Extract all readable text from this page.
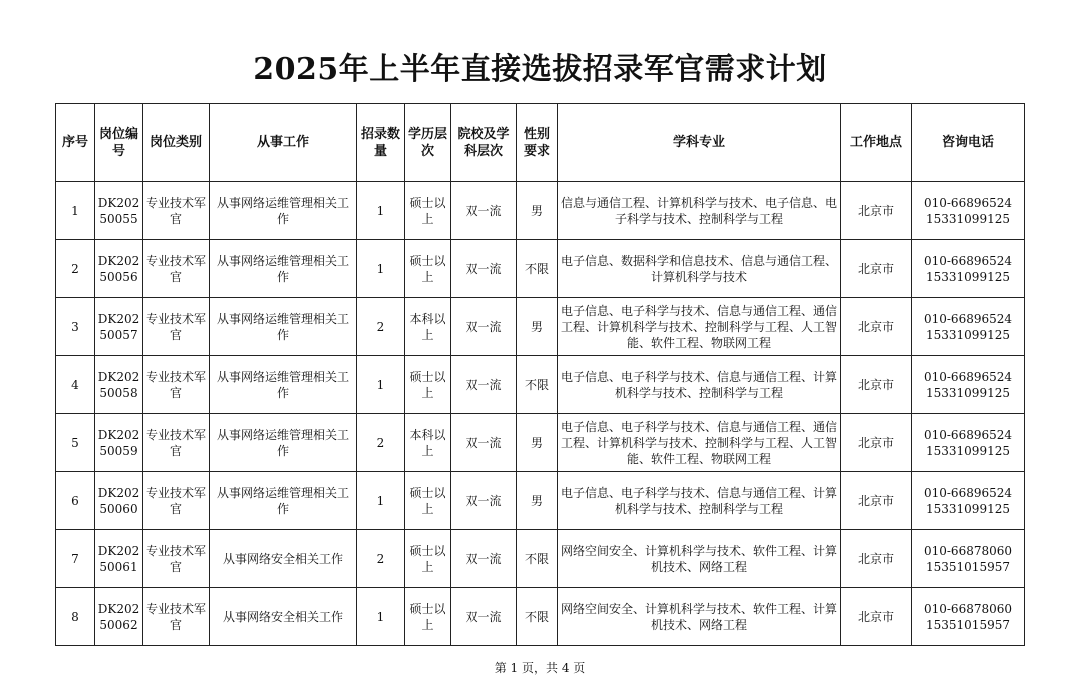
2025年上半年直接选拔招录军官需求计划
序号	岗位编号	岗位类别	从事工作	招录数量	学历层次	院校及学科层次	性别要求	学科专业	工作地点	咨询电话

1	DK20250055	专业技术军官	从事网络运维管理相关工作	1	硕士以上	双一流	男	信息与通信工程、计算机科学与技术、电子信息、电子科学与技术、控制科学与工程	北京市	010-66896524
15331099125

2	DK20250056	专业技术军官	从事网络运维管理相关工作	1	硕士以上	双一流	不限	电子信息、数据科学和信息技术、信息与通信工程、计算机科学与技术	北京市	010-66896524
15331099125

3	DK20250057	专业技术军官	从事网络运维管理相关工作	2	本科以上	双一流	男	电子信息、电子科学与技术、信息与通信工程、通信工程、计算机科学与技术、控制科学与工程、人工智能、软件工程、物联网工程	北京市	010-66896524
15331099125

4	DK20250058	专业技术军官	从事网络运维管理相关工作	1	硕士以上	双一流	不限	电子信息、电子科学与技术、信息与通信工程、计算机科学与技术、控制科学与工程	北京市	010-66896524
15331099125

5	DK20250059	专业技术军官	从事网络运维管理相关工作	2	本科以上	双一流	男	电子信息、电子科学与技术、信息与通信工程、通信工程、计算机科学与技术、控制科学与工程、人工智能、软件工程、物联网工程	北京市	010-66896524
15331099125

6	DK20250060	专业技术军官	从事网络运维管理相关工作	1	硕士以上	双一流	男	电子信息、电子科学与技术、信息与通信工程、计算机科学与技术、控制科学与工程	北京市	010-66896524
15331099125

7	DK20250061	专业技术军官	从事网络安全相关工作	2	硕士以上	双一流	不限	网络空间安全、计算机科学与技术、软件工程、计算机技术、网络工程	北京市	010-66878060
15351015957

8	DK20250062	专业技术军官	从事网络安全相关工作	1	硕士以上	双一流	不限	网络空间安全、计算机科学与技术、软件工程、计算机技术、网络工程	北京市	010-66878060
15351015957
第 1 页，共 4 页
